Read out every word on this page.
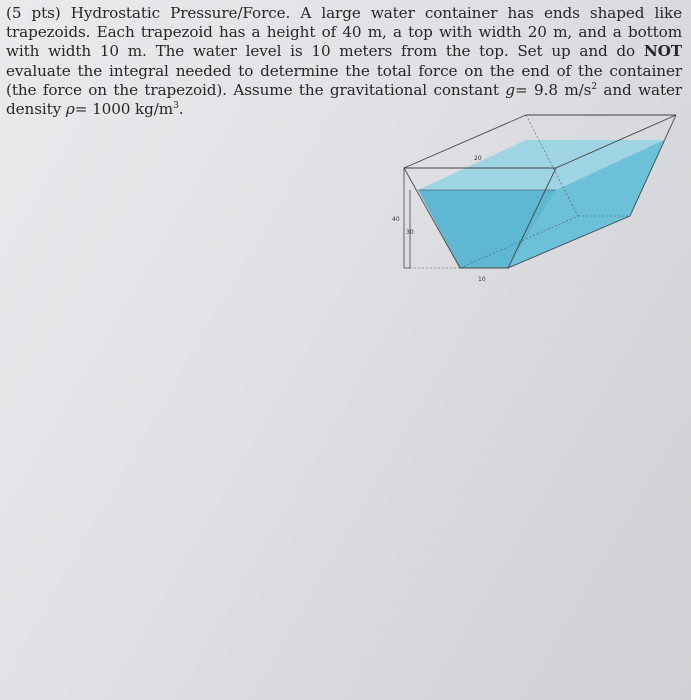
(5 pts) Hydrostatic Pressure/Force. A large water container has ends shaped like trapezoids. Each trapezoid has a height of 40 m, a top with width 20 m, and a bottom with width 10 m. The water level is 10 meters from the top. Set up and do NOT evaluate the integral needed to determine the total force on the end of the container (the force on the trapezoid). Assume the gravitational constant g= 9.8 $m/s^2$ and water density ρ= 1000 $kg/m^3$.

20
40
30
10
